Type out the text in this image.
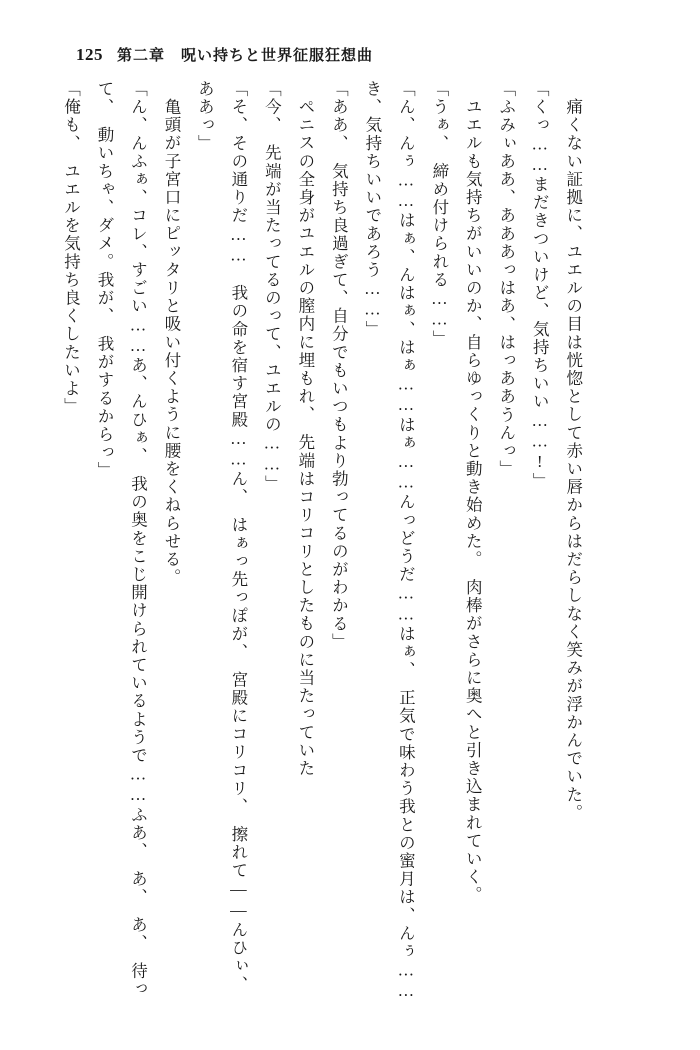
125 第二章　呪い持ちと世界征服狂想曲

痛くない証拠に、ユエルの目は恍惚として赤い唇からはだらしなく笑みが浮かんでいた。

「くっ……まだきついけど、気持ちいい……!」

「ふみぃああ、あああっはあ、はっああうんっ」

ユエルも気持ちがいいのか、自らゆっくりと動き始めた。　肉棒がさらに奥へと引き込まれていく。

「うぁ、　締め付けられる……」

「ん、んぅ……はぁ、んはぁ、はぁ……はぁ……んっどうだ……はぁ、　正気で味わう我との蜜月は、んぅ……き、気持ちいいであろう……」

「ああ、　気持ち良過ぎて、自分でもいつもより勃ってるのがわかる」

ペニスの全身がユエルの膣内に埋もれ、　先端はコリコリとしたものに当たっていた

「今、　先端が当たってるのって、ユエルの……」

「そ、その通りだ……　我の命を宿す宮殿……ん、　はぁっ先っぽが、　宮殿にコリコリ、　擦れて――んひぃ、ああっ」

亀頭が子宮口にピッタリと吸い付くように腰をくねらせる。

「ん、んふぁ、コレ、すごい……あ、んひぁ、　我の奥をこじ開けられているようで……ふあ、　あ、　あ、　待って、　動いちゃ、ダメ。我が、　我がするからっ」

「俺も、　ユエルを気持ち良くしたいよ」
